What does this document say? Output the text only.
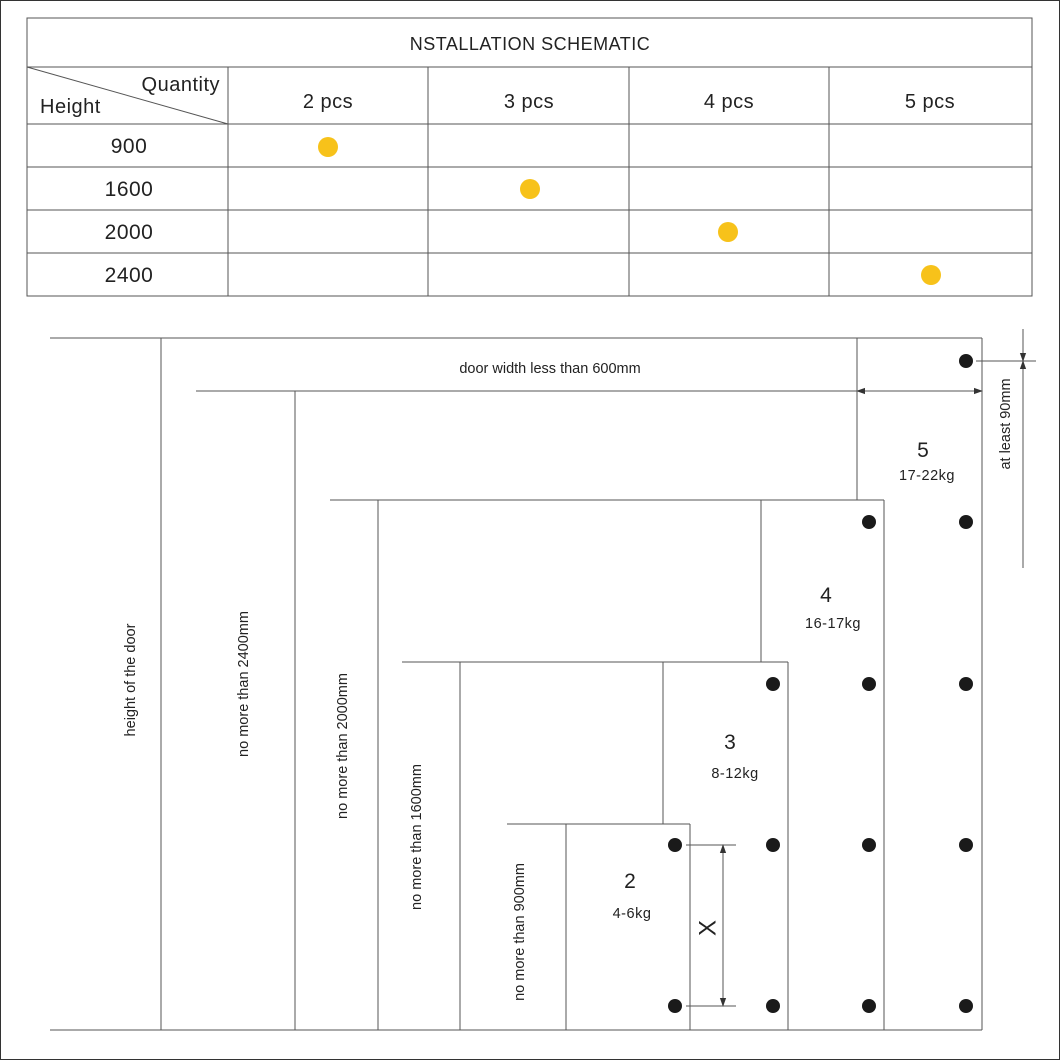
NSTALLATION SCHEMATIC
Quantity
Height	2 pcs	3 pcs	4 pcs	5 pcs
900
1600
2000
2400
height of the door	no more than 2400mm	no more than 2000mm
no more than 1600mm
no more than 900mm
at least 90mm
door width less than 600mm
X
2
4-6kg
3
8-12kg
4
16-17kg
5
17-22kg
